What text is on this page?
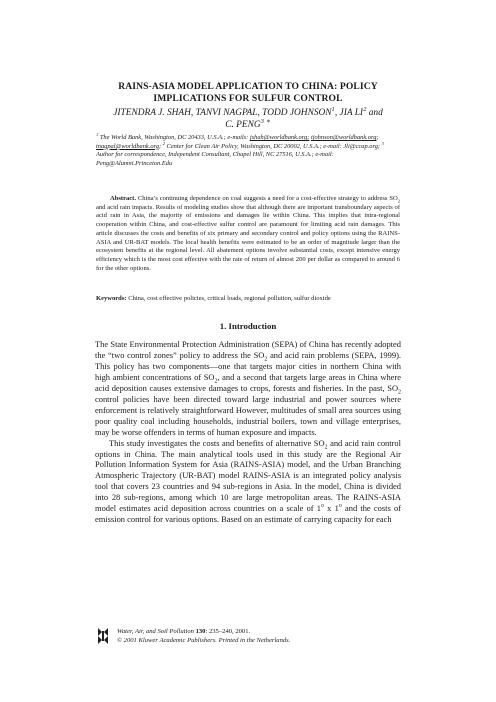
RAINS-ASIA MODEL APPLICATION TO CHINA: POLICY
IMPLICATIONS FOR SULFUR CONTROL
JITENDRA J. SHAH, TANVI NAGPAL, TODD JOHNSON$^1$, JIA $LI^2$ and
C. PENG$^3$ ∗
$^1$ The World Bank, Washington, DC 20433, U.S.A.; e-mails: jshah@worldbank.org; tjohnson@worldbank.org; tnagpal@worldbank.org; $^2$ Center for Clean Air Policy, Washington, DC 20002, U.S.A.; e-mail: Jli@ccap.org; $^3$ Author for correspondence, Independent Consultant, Chapel Hill, NC 27516, U.S.A.; e-mail: Peng@Alumni.Princeton.Edu
Abstract. China’s continuing dependence on coal suggests a need for a cost-effective strategy to address $SO_2$ and acid rain impacts. Results of modeling studies show that although there are important transboundary aspects of acid rain in Asia, the majority of emissions and damages lie within China. This implies that intra-regional cooperation within China, and cost-effective sulfur control are paramount for limiting acid rain damages. This article discusses the costs and benefits of six primary and secondary control and policy options using the RAINS-ASIA and UR-BAT models. The local health benefits were estimated to be an order of magnitude larger than the ecosystem benefits at the regional level. All abatement options involve substantial costs, except intensive energy efficiency which is the most cost effective with the rate of return of almost 200 per dollar as compared to around 6 for the other options.
Keywords: China, cost effective policies, critical loads, regional pollution, sulfur dioxide
1. Introduction

The State Environmental Protection Administration (SEPA) of China has recently adopted the “two control zones” policy to address the $SO_2$ and acid rain problems (SEPA, 1999). This policy has two components—one that targets major cities in northern China with high ambient concentrations of $SO_2$, and a second that targets large areas in China where acid deposition causes extensive damages to crops, forests and fisheries. In the past, $SO_2$ control policies have been directed toward large industrial and power sources where enforcement is relatively straightforward However, multitudes of small area sources using poor quality coal including households, industrial boilers, town and village enterprises, may be worse offenders in terms of human exposure and impacts.

This study investigates the costs and benefits of alternative $SO_2$ and acid rain control options in China. The main analytical tools used in this study are the Regional Air Pollution Information System for Asia (RAINS-ASIA) model, and the Urban Branching Atmospheric Trajectory (UR-BAT) model RAINS-ASIA is an integrated policy analysis tool that covers 23 countries and 94 sub-regions in Asia. In the model, China is divided into 28 sub-regions, among which 10 are large metropolitan areas. The RAINS-ASIA model estimates acid deposition across countries on a scale of 1$^o$ x 1$^o$ and the costs of emission control for various options. Based on an estimate of carrying capacity for each

Water, Air, and Soil Pollution 130: 235–240, 2001.
© 2001 Kluwer Academic Publishers. Printed in the Netherlands.
